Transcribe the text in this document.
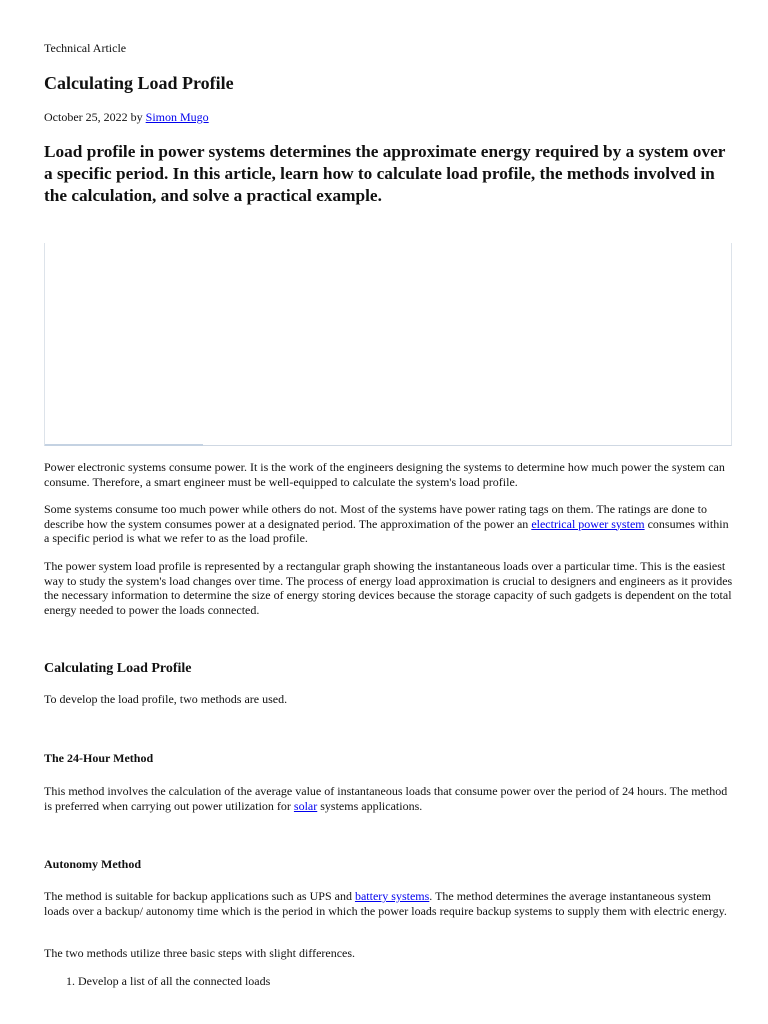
Technical Article
Calculating Load Profile
October 25, 2022 by Simon Mugo

Load profile in power systems determines the approximate energy required by a system over a specific period. In this article, learn how to calculate load profile, the methods involved in the calculation, and solve a practical example.

Power electronic systems consume power. It is the work of the engineers designing the systems to determine how much power the system can consume. Therefore, a smart engineer must be well-equipped to calculate the system's load profile.

Some systems consume too much power while others do not. Most of the systems have power rating tags on them. The ratings are done to describe how the system consumes power at a designated period. The approximation of the power an electrical power system consumes within a specific period is what we refer to as the load profile.

The power system load profile is represented by a rectangular graph showing the instantaneous loads over a particular time. This is the easiest way to study the system's load changes over time. The process of energy load approximation is crucial to designers and engineers as it provides the necessary information to determine the size of energy storing devices because the storage capacity of such gadgets is dependent on the total energy needed to power the loads connected.

Calculating Load Profile

To develop the load profile, two methods are used.

The 24-Hour Method

This method involves the calculation of the average value of instantaneous loads that consume power over the period of 24 hours. The method is preferred when carrying out power utilization for solar systems applications.

Autonomy Method

The method is suitable for backup applications such as UPS and battery systems. The method determines the average instantaneous system loads over a backup/ autonomy time which is the period in which the power loads require backup systems to supply them with electric energy.

The two methods utilize three basic steps with slight differences.

1. Develop a list of all the connected loads
